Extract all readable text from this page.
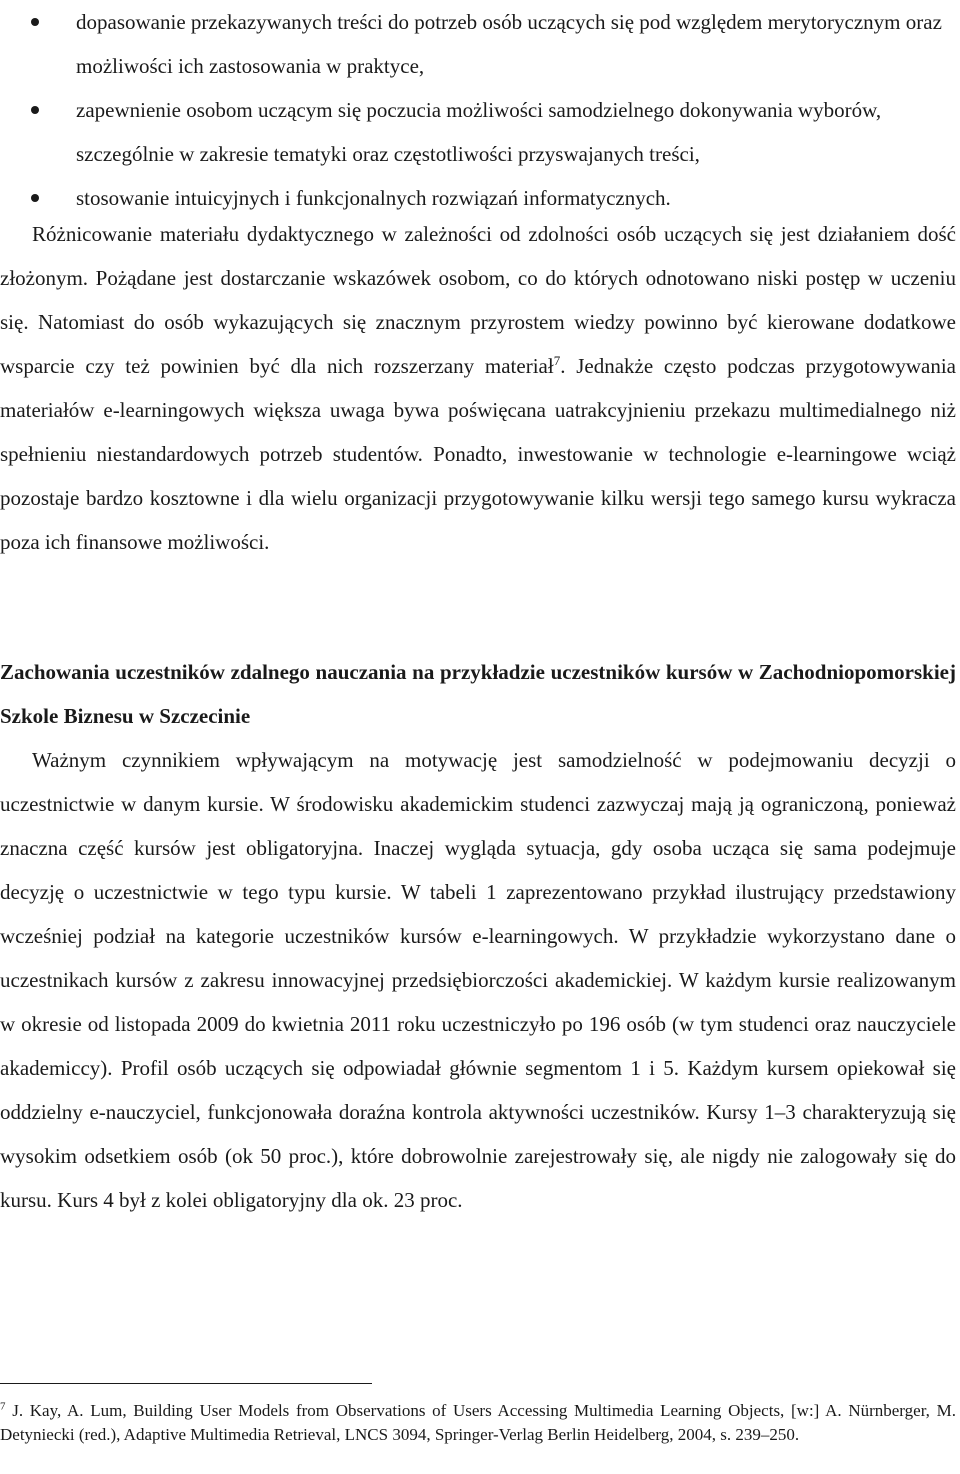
dopasowanie przekazywanych treści do potrzeb osób uczących się pod względem merytorycznym oraz możliwości ich zastosowania w praktyce,
zapewnienie osobom uczącym się poczucia możliwości samodzielnego dokonywania wyborów, szczególnie w zakresie tematyki oraz częstotliwości przyswajanych treści,
stosowanie intuicyjnych i funkcjonalnych rozwiązań informatycznych.

Różnicowanie materiału dydaktycznego w zależności od zdolności osób uczących się jest działaniem dość złożonym. Pożądane jest dostarczanie wskazówek osobom, co do których odnotowano niski postęp w uczeniu się. Natomiast do osób wykazujących się znacznym przyrostem wiedzy powinno być kierowane dodatkowe wsparcie czy też powinien być dla nich rozszerzany materiał$^7$. Jednakże często podczas przygotowywania materiałów e-learningowych większa uwaga bywa poświęcana uatrakcyjnieniu przekazu multimedialnego niż spełnieniu niestandardowych potrzeb studentów. Ponadto, inwestowanie w technologie e-learningowe wciąż pozostaje bardzo kosztowne i dla wielu organizacji przygotowywanie kilku wersji tego samego kursu wykracza poza ich finansowe możliwości.

Zachowania uczestników zdalnego nauczania na przykładzie uczestników kursów w Zachodniopomorskiej Szkole Biznesu w Szczecinie

Ważnym czynnikiem wpływającym na motywację jest samodzielność w podejmowaniu decyzji o uczestnictwie w danym kursie. W środowisku akademickim studenci zazwyczaj mają ją ograniczoną, ponieważ znaczna część kursów jest obligatoryjna. Inaczej wygląda sytuacja, gdy osoba ucząca się sama podejmuje decyzję o uczestnictwie w tego typu kursie. W tabeli 1 zaprezentowano przykład ilustrujący przedstawiony wcześniej podział na kategorie uczestników kursów e-learningowych. W przykładzie wykorzystano dane o uczestnikach kursów z zakresu innowacyjnej przedsiębiorczości akademickiej. W każdym kursie realizowanym w okresie od listopada 2009 do kwietnia 2011 roku uczestniczyło po 196 osób (w tym studenci oraz nauczyciele akademiccy). Profil osób uczących się odpowiadał głównie segmentom 1 i 5. Każdym kursem opiekował się oddzielny e-nauczyciel, funkcjonowała doraźna kontrola aktywności uczestników. Kursy 1–3 charakteryzują się wysokim odsetkiem osób (ok 50 proc.), które dobrowolnie zarejestrowały się, ale nigdy nie zalogowały się do kursu. Kurs 4 był z kolei obligatoryjny dla ok. 23 proc.

$^7$ J. Kay, A. Lum, Building User Models from Observations of Users Accessing Multimedia Learning Objects, [w:] A. Nürnberger, M. Detyniecki (red.), Adaptive Multimedia Retrieval, LNCS 3094, Springer-Verlag Berlin Heidelberg, 2004, s. 239–250.
